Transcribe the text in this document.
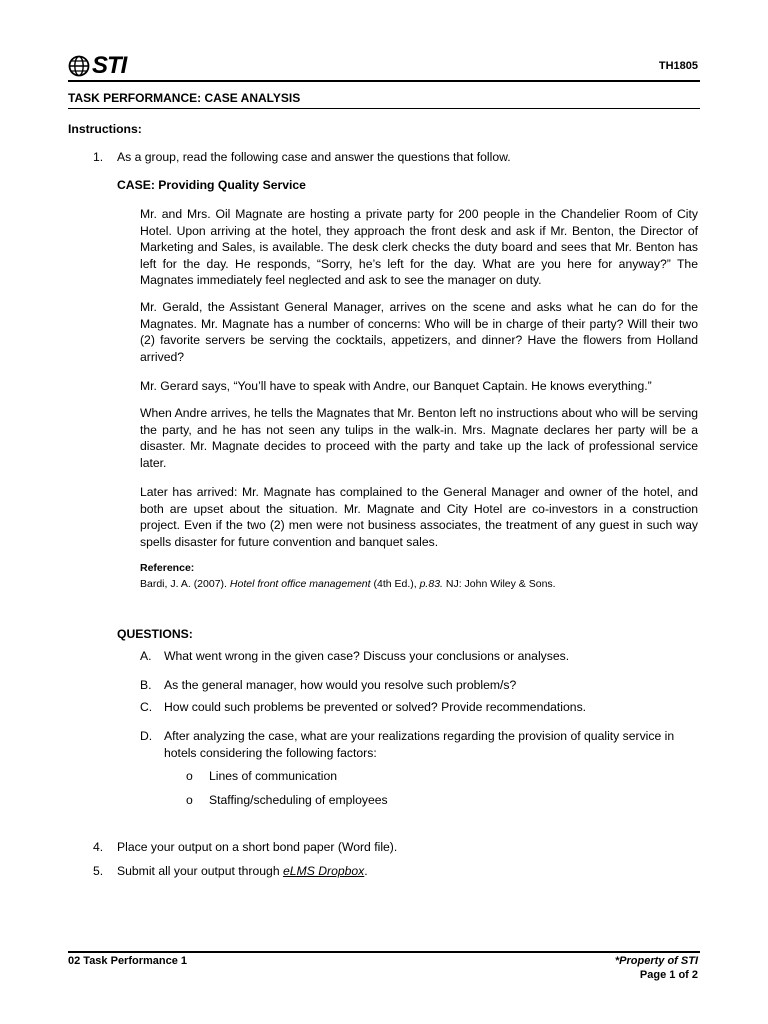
STI	TH1805
TASK PERFORMANCE: CASE ANALYSIS
Instructions:
1. As a group, read the following case and answer the questions that follow.
CASE: Providing Quality Service
Mr. and Mrs. Oil Magnate are hosting a private party for 200 people in the Chandelier Room of City Hotel. Upon arriving at the hotel, they approach the front desk and ask if Mr. Benton, the Director of Marketing and Sales, is available. The desk clerk checks the duty board and sees that Mr. Benton has left for the day. He responds, “Sorry, he’s left for the day. What are you here for anyway?” The Magnates immediately feel neglected and ask to see the manager on duty.
Mr. Gerald, the Assistant General Manager, arrives on the scene and asks what he can do for the Magnates. Mr. Magnate has a number of concerns: Who will be in charge of their party? Will their two (2) favorite servers be serving the cocktails, appetizers, and dinner? Have the flowers from Holland arrived?
Mr. Gerard says, “You’ll have to speak with Andre, our Banquet Captain. He knows everything.”
When Andre arrives, he tells the Magnates that Mr. Benton left no instructions about who will be serving the party, and he has not seen any tulips in the walk-in. Mrs. Magnate declares her party will be a disaster. Mr. Magnate decides to proceed with the party and take up the lack of professional service later.
Later has arrived: Mr. Magnate has complained to the General Manager and owner of the hotel, and both are upset about the situation. Mr. Magnate and City Hotel are co-investors in a construction project. Even if the two (2) men were not business associates, the treatment of any guest in such way spells disaster for future convention and banquet sales.
Reference:
Bardi, J. A. (2007). Hotel front office management (4th Ed.), p.83. NJ: John Wiley & Sons.
QUESTIONS:
A. What went wrong in the given case? Discuss your conclusions or analyses.
B. As the general manager, how would you resolve such problem/s?
C. How could such problems be prevented or solved? Provide recommendations.
D. After analyzing the case, what are your realizations regarding the provision of quality service in hotels considering the following factors:
o Lines of communication
o Staffing/scheduling of employees
4. Place your output on a short bond paper (Word file).
5. Submit all your output through eLMS Dropbox.
02 Task Performance 1	*Property of STI
Page 1 of 2
